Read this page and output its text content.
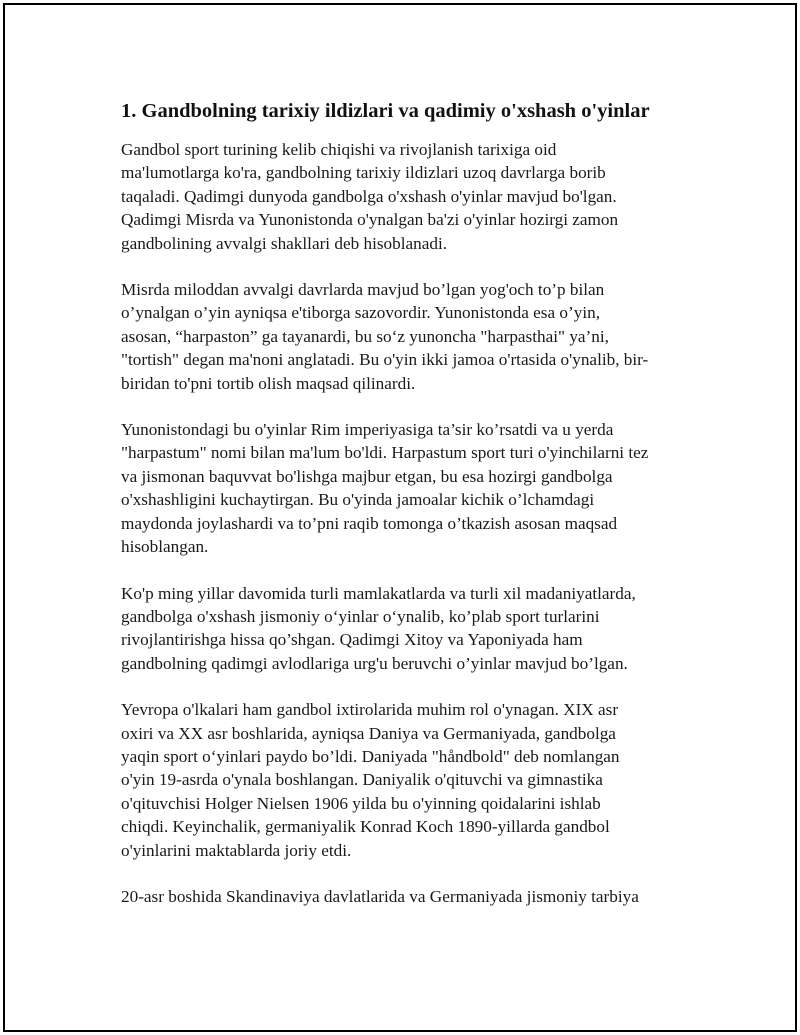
1. Gandbolning tarixiy ildizlari va qadimiy o'xshash o'yinlar

Gandbol sport turining kelib chiqishi va rivojlanish tarixiga oid
ma'lumotlarga ko'ra, gandbolning tarixiy ildizlari uzoq davrlarga borib
taqaladi. Qadimgi dunyoda gandbolga o'xshash o'yinlar mavjud bo'lgan.
Qadimgi Misrda va Yunonistonda o'ynalgan ba'zi o'yinlar hozirgi zamon
gandbolining avvalgi shakllari deb hisoblanadi.

Misrda miloddan avvalgi davrlarda mavjud bo’lgan yog'och to’p bilan
o’ynalgan o’yin ayniqsa e'tiborga sazovordir. Yunonistonda esa o’yin,
asosan, “harpaston” ga tayanardi, bu so‘z yunoncha "harpasthai" ya’ni,
"tortish" degan ma'noni anglatadi. Bu o'yin ikki jamoa o'rtasida o'ynalib, bir-
biridan to'pni tortib olish maqsad qilinardi.

Yunonistondagi bu o'yinlar Rim imperiyasiga ta’sir ko’rsatdi va u yerda
"harpastum" nomi bilan ma'lum bo'ldi. Harpastum sport turi o'yinchilarni tez
va jismonan baquvvat bo'lishga majbur etgan, bu esa hozirgi gandbolga
o'xshashligini kuchaytirgan. Bu o'yinda jamoalar kichik o’lchamdagi
maydonda joylashardi va to’pni raqib tomonga o’tkazish asosan maqsad
hisoblangan.

Ko'p ming yillar davomida turli mamlakatlarda va turli xil madaniyatlarda,
gandbolga o'xshash jismoniy o‘yinlar o‘ynalib, ko’plab sport turlarini
rivojlantirishga hissa qo’shgan. Qadimgi Xitoy va Yaponiyada ham
gandbolning qadimgi avlodlariga urg'u beruvchi o’yinlar mavjud bo’lgan.

Yevropa o'lkalari ham gandbol ixtirolarida muhim rol o'ynagan. XIX asr
oxiri va XX asr boshlarida, ayniqsa Daniya va Germaniyada, gandbolga
yaqin sport o‘yinlari paydo bo’ldi. Daniyada "håndbold" deb nomlangan
o'yin 19-asrda o'ynala boshlangan. Daniyalik o'qituvchi va gimnastika
o'qituvchisi Holger Nielsen 1906 yilda bu o'yinning qoidalarini ishlab
chiqdi. Keyinchalik, germaniyalik Konrad Koch 1890-yillarda gandbol
o'yinlarini maktablarda joriy etdi.

20-asr boshida Skandinaviya davlatlarida va Germaniyada jismoniy tarbiya
